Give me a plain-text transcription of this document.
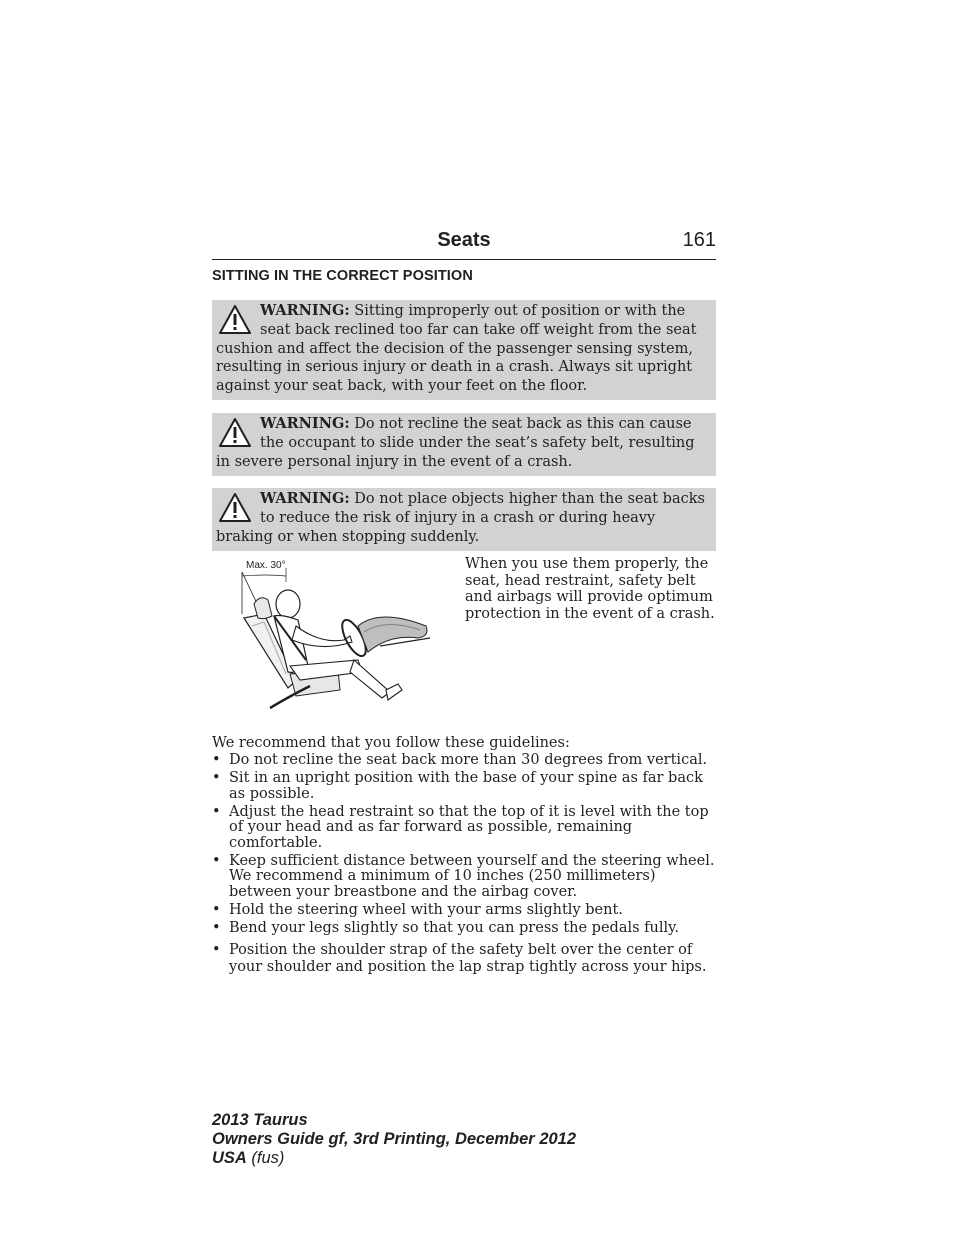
Seats	161
SITTING IN THE CORRECT POSITION
WARNING: Sitting improperly out of position or with the seat back reclined too far can take off weight from the seat cushion and affect the decision of the passenger sensing system, resulting in serious injury or death in a crash. Always sit upright against your seat back, with your feet on the floor.
WARNING: Do not recline the seat back as this can cause the occupant to slide under the seat’s safety belt, resulting in severe personal injury in the event of a crash.
WARNING: Do not place objects higher than the seat backs to reduce the risk of injury in a crash or during heavy braking or when stopping suddenly.
Max. 30°	When you use them properly, the seat, head restraint, safety belt and airbags will provide optimum protection in the event of a crash.
We recommend that you follow these guidelines:
• Do not recline the seat back more than 30 degrees from vertical.
• Sit in an upright position with the base of your spine as far back as possible.
• Adjust the head restraint so that the top of it is level with the top of your head and as far forward as possible, remaining comfortable.
• Keep sufficient distance between yourself and the steering wheel. We recommend a minimum of 10 inches (250 millimeters) between your breastbone and the airbag cover.
• Hold the steering wheel with your arms slightly bent.
• Bend your legs slightly so that you can press the pedals fully.
• Position the shoulder strap of the safety belt over the center of your shoulder and position the lap strap tightly across your hips.
2013 Taurus
Owners Guide gf, 3rd Printing, December 2012
USA (fus)
